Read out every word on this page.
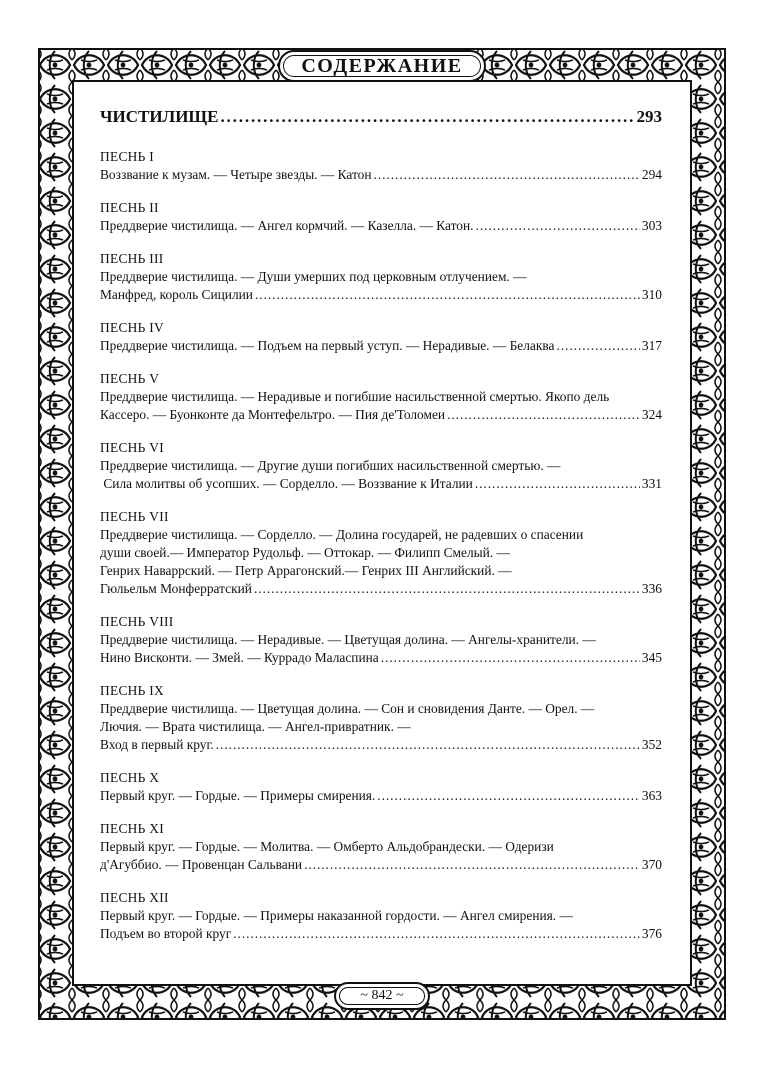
СОДЕРЖАНИЕ
ЧИСТИЛИЩЕ . . .	293
ПЕСНЬ I
Воззвание к музам. — Четыре звезды. — Катон . . .	294
ПЕСНЬ II
Преддверие чистилища. — Ангел кормчий. — Казелла. — Катон. . . .	303
ПЕСНЬ III
Преддверие чистилища. — Души умерших под церковным отлучением. —
Манфред, король Сицилии . . .	310
ПЕСНЬ IV
Преддверие чистилища. — Подъем на первый уступ. — Нерадивые. — Белаква . . .	317
ПЕСНЬ V
Преддверие чистилища. — Нерадивые и погибшие насильственной смертью. Якопо дель
Кассеро. — Буонконте да Монтефельтро. — Пия де'Толомеи . . .	324
ПЕСНЬ VI
Преддверие чистилища. — Другие души погибших насильственной смертью. —
Сила молитвы об усопших. — Сорделло. — Воззвание к Италии . . .	331
ПЕСНЬ VII
Преддверие чистилища. — Сорделло. — Долина государей, не радевших о спасении
души своей.— Император Рудольф. — Оттокар. — Филипп Смелый. —
Генрих Наваррский. — Петр Аррагонский.— Генрих III Английский. —
Гюльельм Монферратский . . .	336
ПЕСНЬ VIII
Преддверие чистилища. — Нерадивые. — Цветущая долина. — Ангелы-хранители. —
Нино Висконти. — Змей. — Куррадо Маласпина . . .	345
ПЕСНЬ IX
Преддверие чистилища. — Цветущая долина. — Сон и сновидения Данте. — Орел. —
Лючия. — Врата чистилища. — Ангел-привратник. —
Вход в первый круг. . . .	352
ПЕСНЬ X
Первый круг. — Гордые. — Примеры смирения. . . .	363
ПЕСНЬ XI
Первый круг. — Гордые. — Молитва. — Омберто Альдобрандески. — Одеризи
д'Агуббио. — Провенцан Сальвани . . .	370
ПЕСНЬ XII
Первый круг. — Гордые. — Примеры наказанной гордости. — Ангел смирения. —
Подъем во второй круг . . .	376
~ 842 ~
